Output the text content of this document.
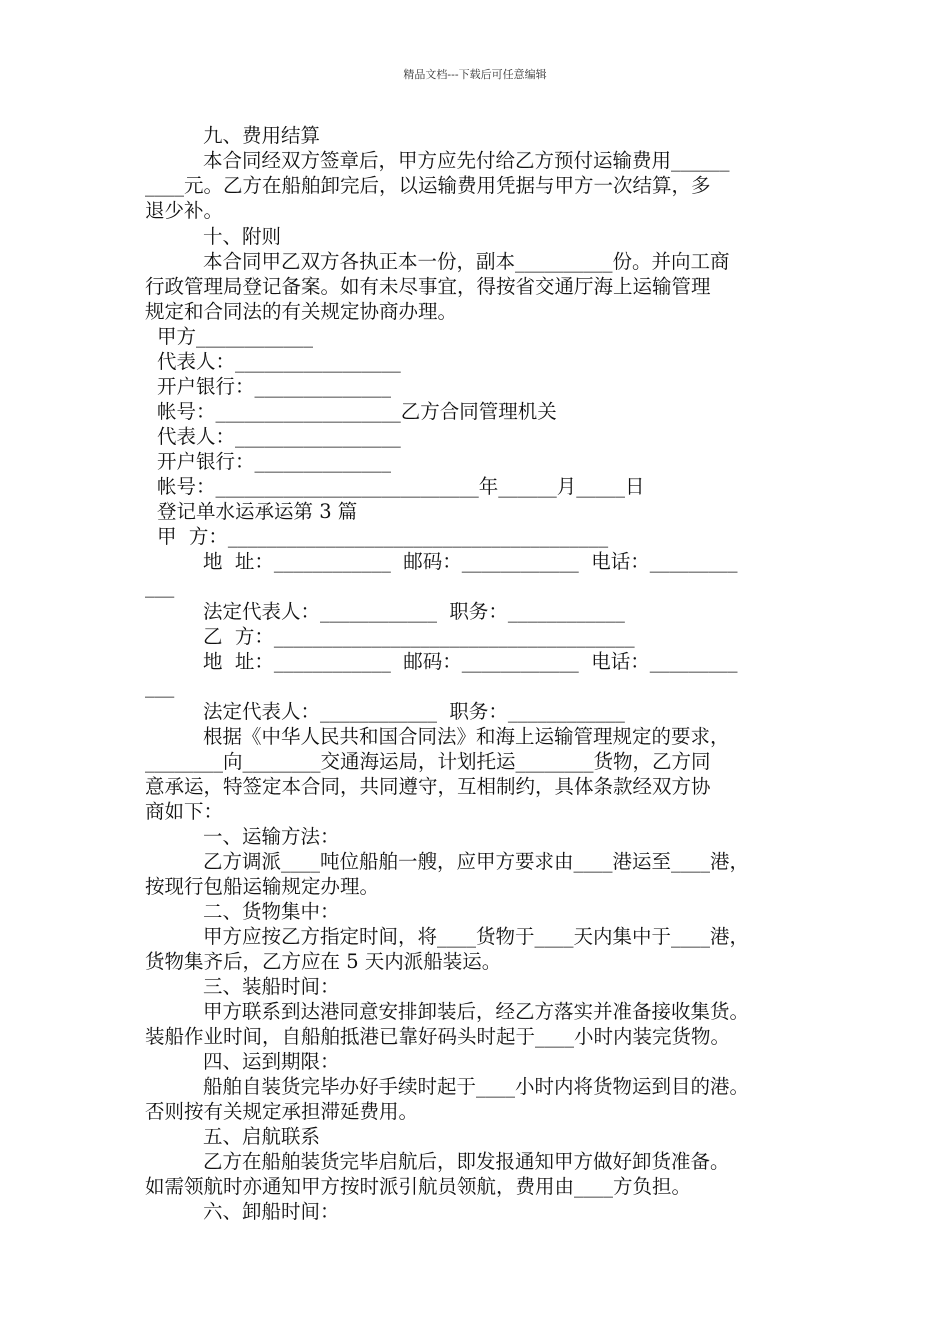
精品文档---下载后可任意编辑
九、费用结算
本合同经双方签章后，甲方应先付给乙方预付运输费用______
____元。乙方在船舶卸完后，以运输费用凭据与甲方一次结算，多
退少补。
十、附则
本合同甲乙双方各执正本一份，副本__________份。并向工商
行政管理局登记备案。如有未尽事宜，得按省交通厅海上运输管理
规定和合同法的有关规定协商办理。
甲方____________
代表人：_________________
开户银行：______________
帐号：___________________乙方合同管理机关
代表人：_________________
开户银行：______________
帐号：___________________________年______月_____日
登记单水运承运第 3 篇
甲  方：_______________________________________
地  址：____________  邮码：____________  电话：_________
___
法定代表人：____________  职务：____________
乙  方：_____________________________________
地  址：____________  邮码：____________  电话：_________
___
法定代表人：____________  职务：____________
根据《中华人民共和国合同法》和海上运输管理规定的要求，
________向________交通海运局，计划托运________货物，乙方同
意承运，特签定本合同，共同遵守，互相制约，具体条款经双方协
商如下：
一、运输方法：
乙方调派____吨位船舶一艘，应甲方要求由____港运至____港，
按现行包船运输规定办理。
二、货物集中：
甲方应按乙方指定时间，将____货物于____天内集中于____港，
货物集齐后，乙方应在 5 天内派船装运。
三、装船时间：
甲方联系到达港同意安排卸装后，经乙方落实并准备接收集货。
装船作业时间，自船舶抵港已靠好码头时起于____小时内装完货物。
四、运到期限：
船舶自装货完毕办好手续时起于____小时内将货物运到目的港。
否则按有关规定承担滞延费用。
五、启航联系
乙方在船舶装货完毕启航后，即发报通知甲方做好卸货准备。
如需领航时亦通知甲方按时派引航员领航，费用由____方负担。
六、卸船时间：
